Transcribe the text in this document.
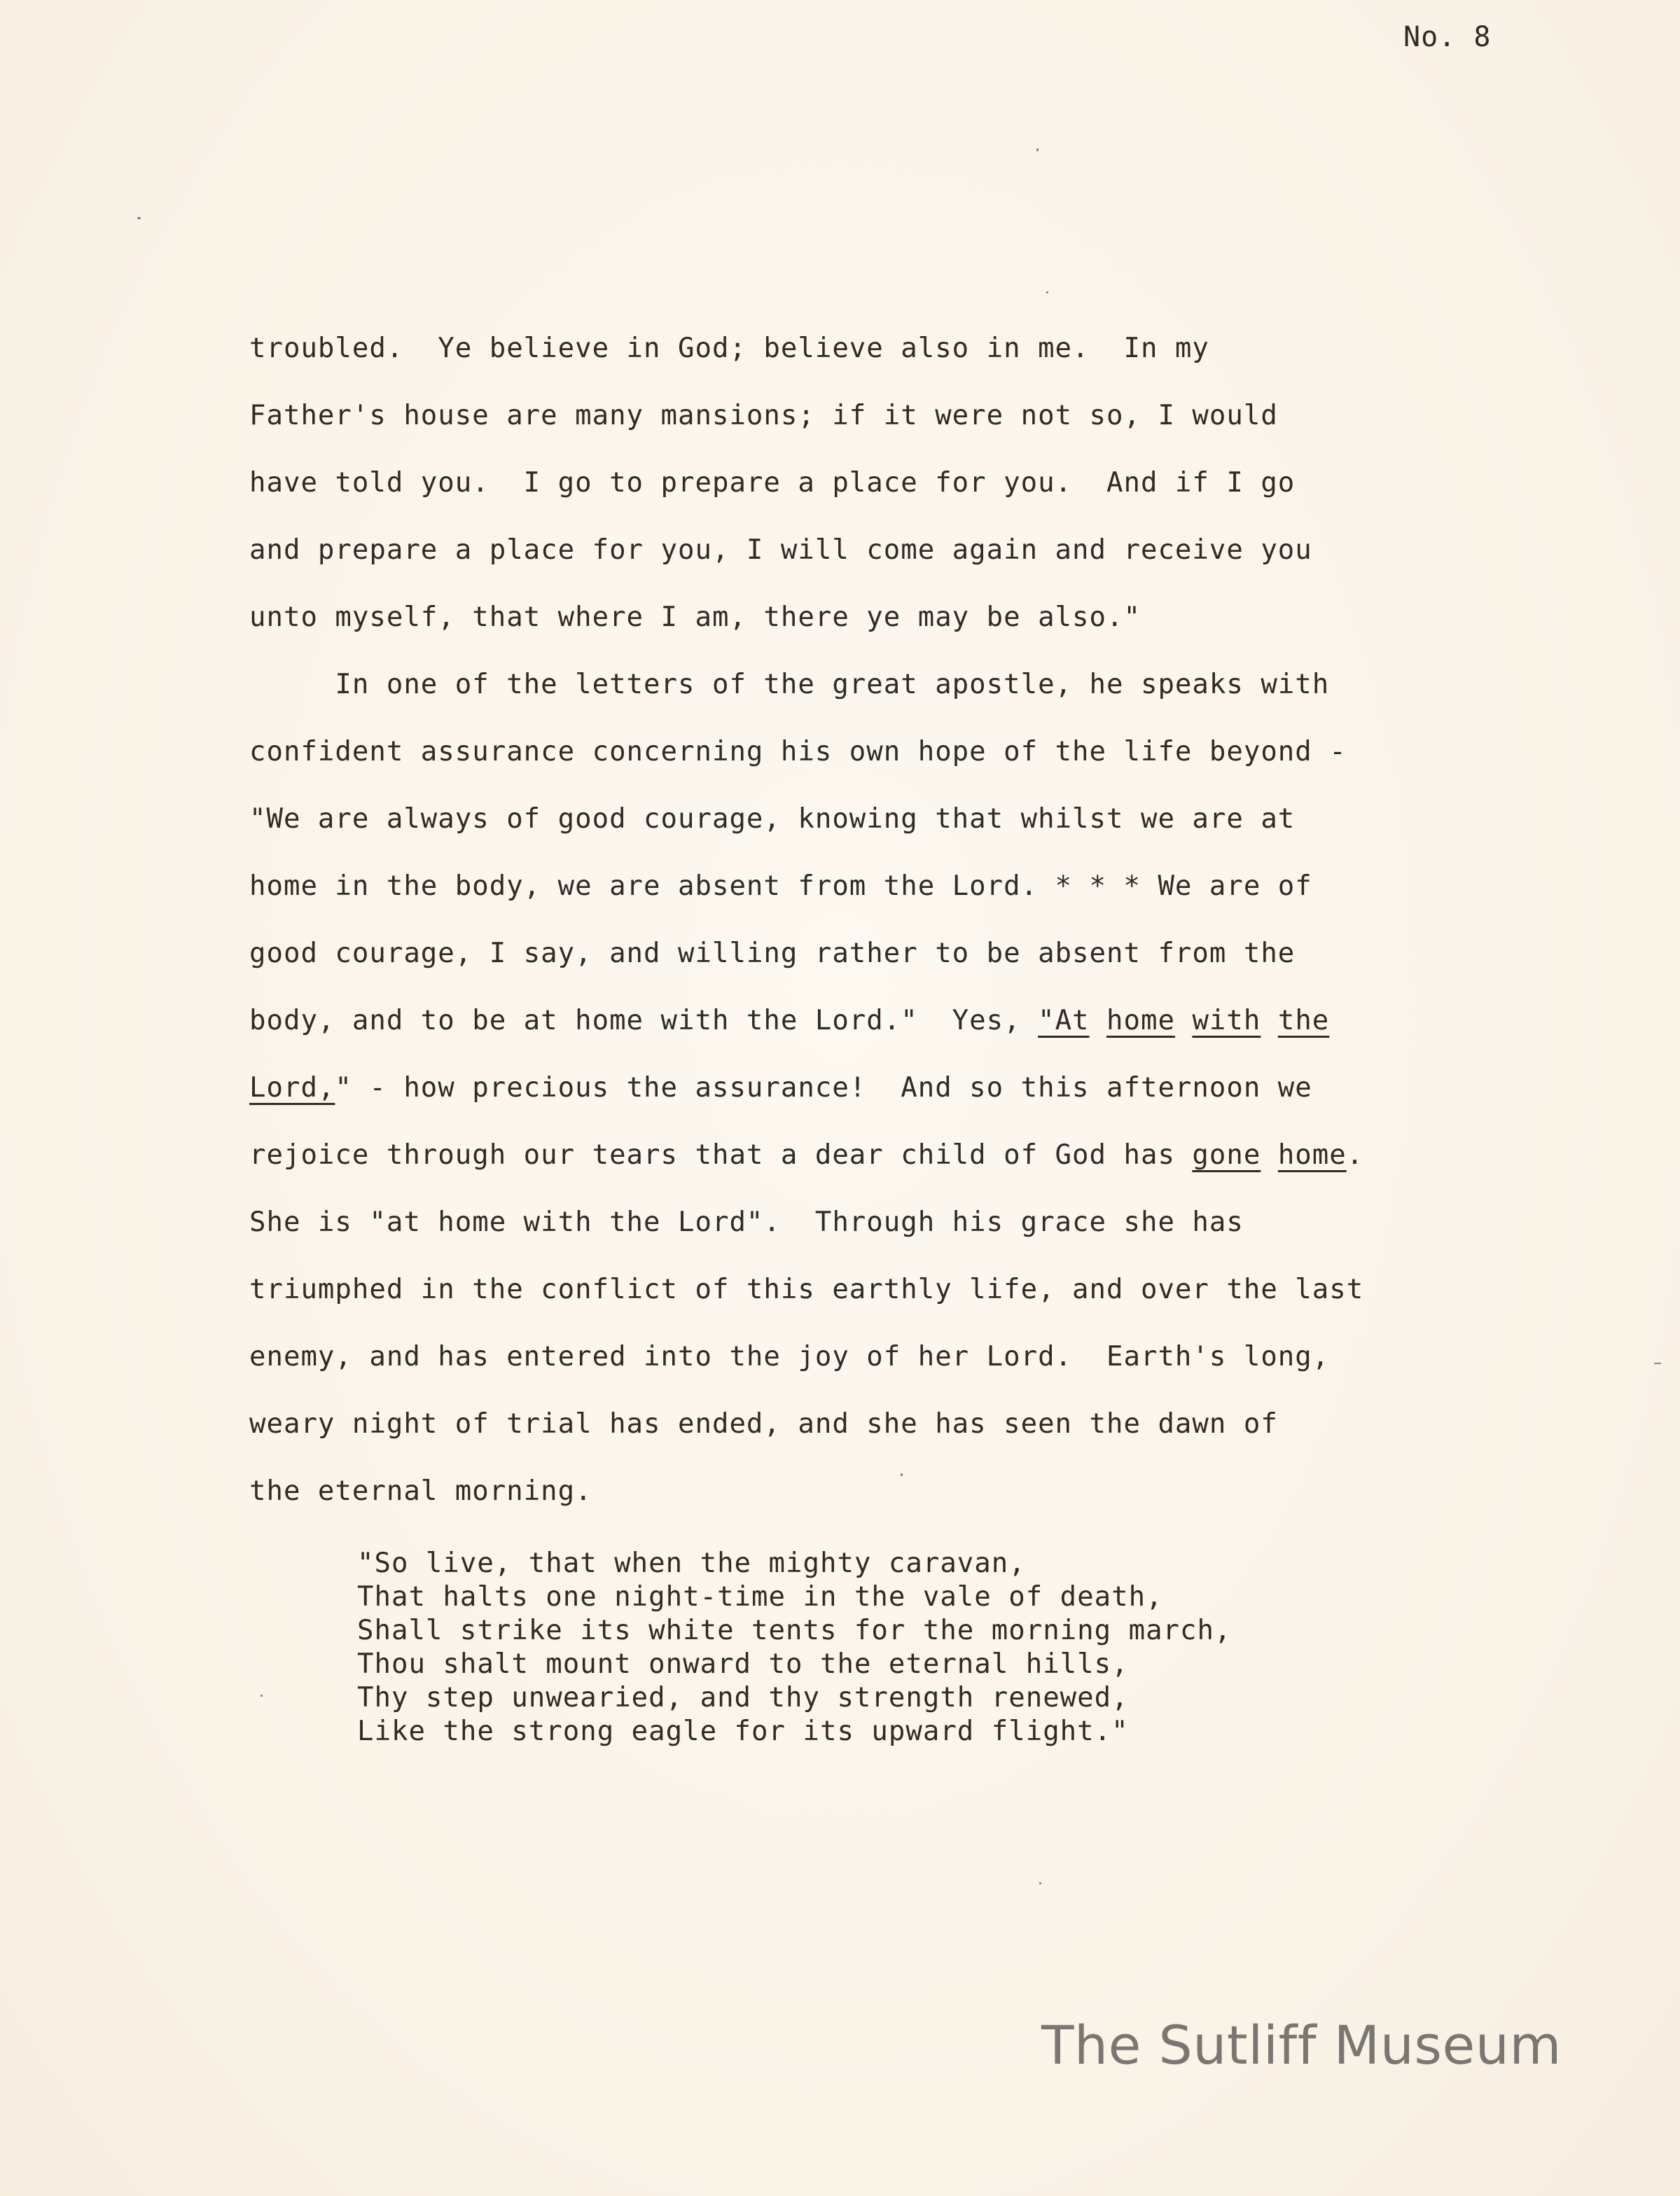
No. 8
troubled.  Ye believe in God; believe also in me.  In my
Father's house are many mansions; if it were not so, I would
have told you.  I go to prepare a place for you.  And if I go
and prepare a place for you, I will come again and receive you
unto myself, that where I am, there ye may be also."
In one of the letters of the great apostle, he speaks with
confident assurance concerning his own hope of the life beyond -
"We are always of good courage, knowing that whilst we are at
home in the body, we are absent from the Lord. * * * We are of
good courage, I say, and willing rather to be absent from the
body, and to be at home with the Lord."  Yes, "At home with the
Lord," - how precious the assurance!  And so this afternoon we
rejoice through our tears that a dear child of God has gone home.
She is "at home with the Lord".  Through his grace she has
triumphed in the conflict of this earthly life, and over the last
enemy, and has entered into the joy of her Lord.  Earth's long,
weary night of trial has ended, and she has seen the dawn of
the eternal morning.
"So live, that when the mighty caravan,
That halts one night-time in the vale of death,
Shall strike its white tents for the morning march,
Thou shalt mount onward to the eternal hills,
Thy step unwearied, and thy strength renewed,
Like the strong eagle for its upward flight."
The Sutliff Museum
